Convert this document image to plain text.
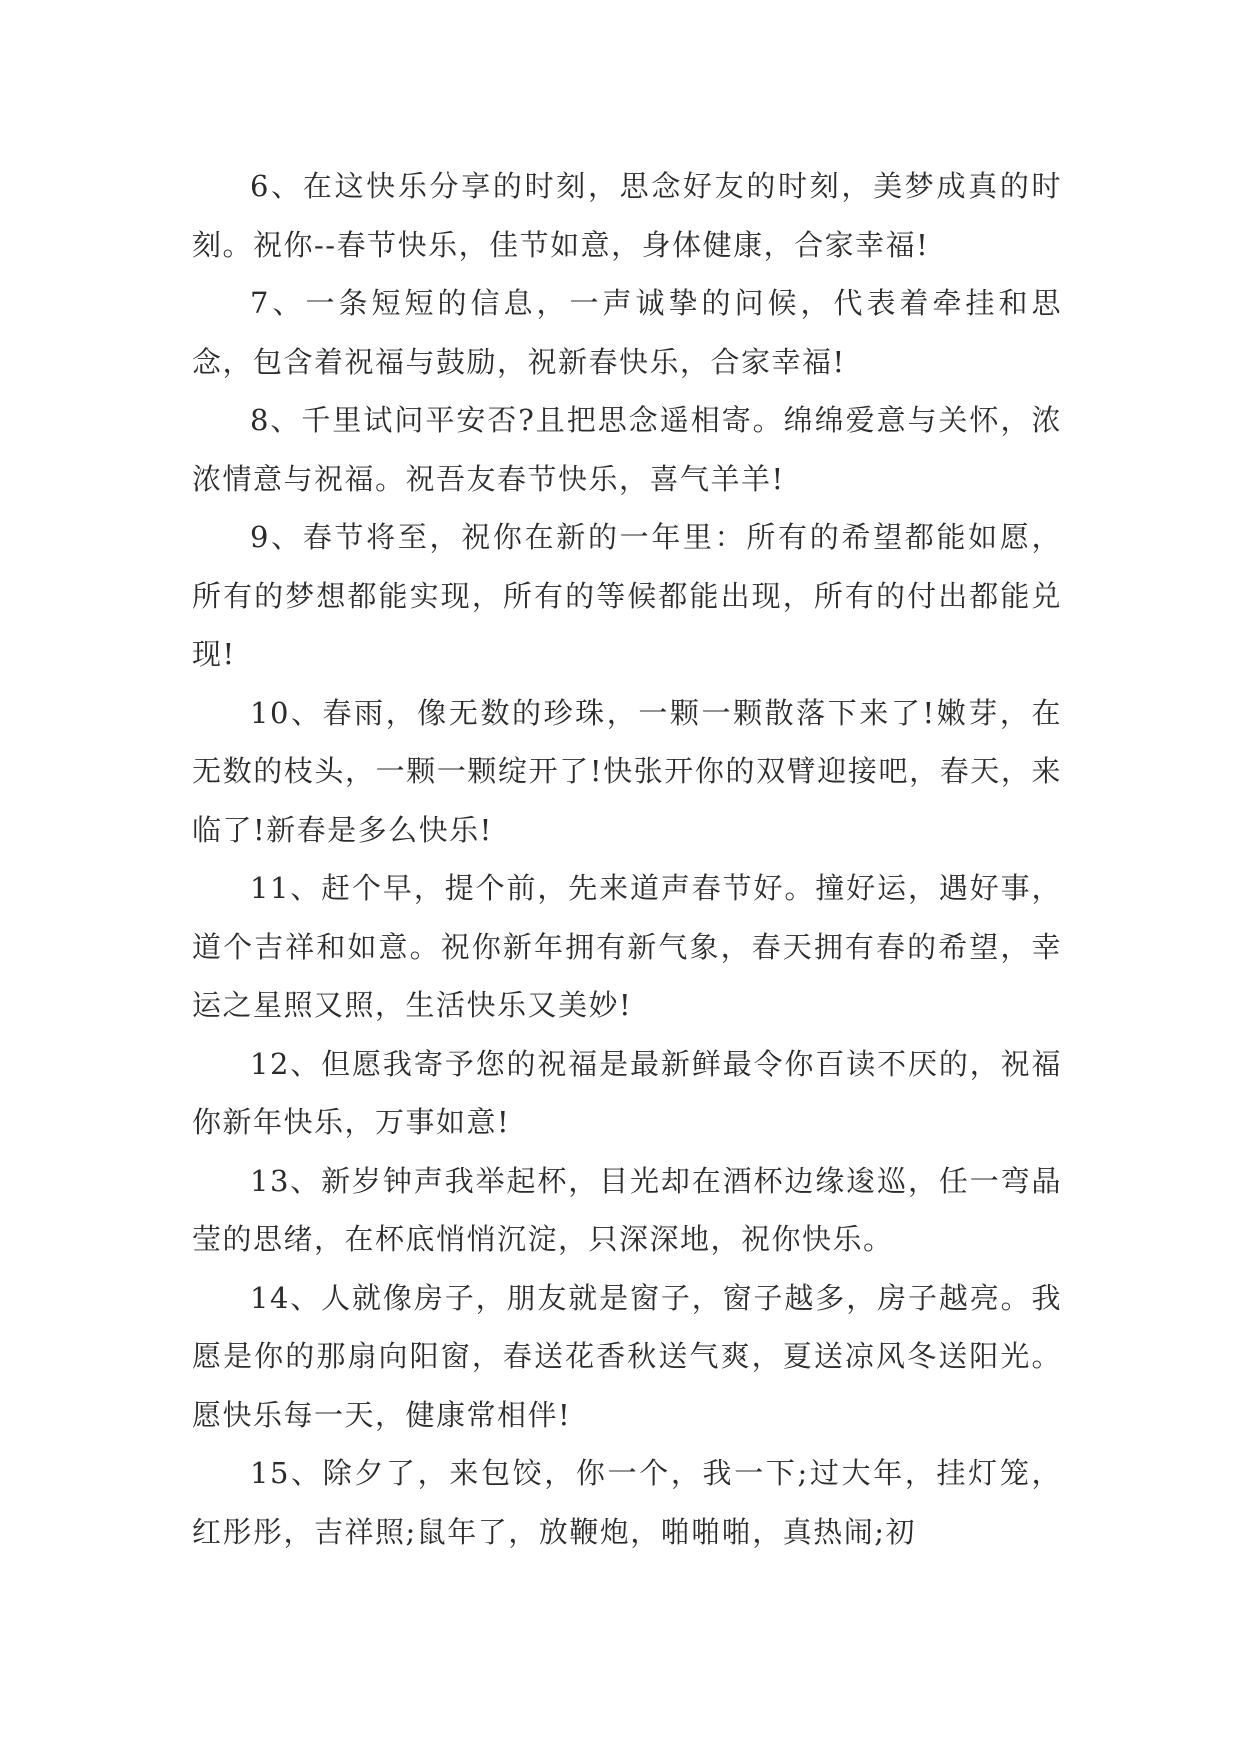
6、在这快乐分享的时刻，思念好友的时刻，美梦成真的时刻。祝你--春节快乐，佳节如意，身体健康，合家幸福!

7、一条短短的信息，一声诚挚的问候，代表着牵挂和思念，包含着祝福与鼓励，祝新春快乐，合家幸福!

8、千里试问平安否?且把思念遥相寄。绵绵爱意与关怀，浓浓情意与祝福。祝吾友春节快乐，喜气羊羊!

9、春节将至，祝你在新的一年里：所有的希望都能如愿，所有的梦想都能实现，所有的等候都能出现，所有的付出都能兑现!

10、春雨，像无数的珍珠，一颗一颗散落下来了!嫩芽，在无数的枝头，一颗一颗绽开了!快张开你的双臂迎接吧，春天，来临了!新春是多么快乐!

11、赶个早，提个前，先来道声春节好。撞好运，遇好事，道个吉祥和如意。祝你新年拥有新气象，春天拥有春的希望，幸运之星照又照，生活快乐又美妙!

12、但愿我寄予您的祝福是最新鲜最令你百读不厌的，祝福你新年快乐，万事如意!

13、新岁钟声我举起杯，目光却在酒杯边缘逡巡，任一弯晶莹的思绪，在杯底悄悄沉淀，只深深地，祝你快乐。

14、人就像房子，朋友就是窗子，窗子越多，房子越亮。我愿是你的那扇向阳窗，春送花香秋送气爽，夏送凉风冬送阳光。愿快乐每一天，健康常相伴!

15、除夕了，来包饺，你一个，我一下;过大年，挂灯笼，红彤彤，吉祥照;鼠年了，放鞭炮，啪啪啪，真热闹;初
